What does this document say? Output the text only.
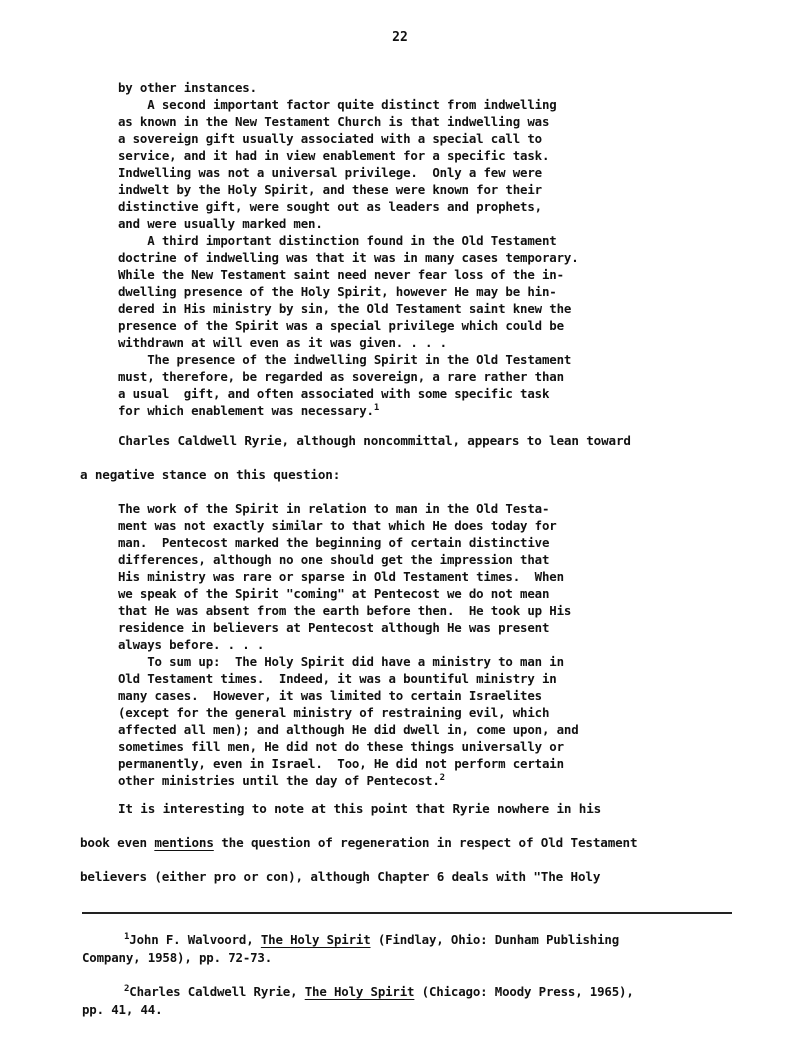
22
by other instances.
A second important factor quite distinct from indwelling
as known in the New Testament Church is that indwelling was
a sovereign gift usually associated with a special call to
service, and it had in view enablement for a specific task.
Indwelling was not a universal privilege.  Only a few were
indwelt by the Holy Spirit, and these were known for their
distinctive gift, were sought out as leaders and prophets,
and were usually marked men.
A third important distinction found in the Old Testament
doctrine of indwelling was that it was in many cases temporary.
While the New Testament saint need never fear loss of the in-
dwelling presence of the Holy Spirit, however He may be hin-
dered in His ministry by sin, the Old Testament saint knew the
presence of the Spirit was a special privilege which could be
withdrawn at will even as it was given. . . .
The presence of the indwelling Spirit in the Old Testament
must, therefore, be regarded as sovereign, a rare rather than
a usual  gift, and often associated with some specific task
for which enablement was necessary.$^1$
Charles Caldwell Ryrie, although noncommittal, appears to lean toward
a negative stance on this question:
The work of the Spirit in relation to man in the Old Testa-
ment was not exactly similar to that which He does today for
man.  Pentecost marked the beginning of certain distinctive
differences, although no one should get the impression that
His ministry was rare or sparse in Old Testament times.  When
we speak of the Spirit "coming" at Pentecost we do not mean
that He was absent from the earth before then.  He took up His
residence in believers at Pentecost although He was present
always before. . . .
To sum up:  The Holy Spirit did have a ministry to man in
Old Testament times.  Indeed, it was a bountiful ministry in
many cases.  However, it was limited to certain Israelites
(except for the general ministry of restraining evil, which
affected all men); and although He did dwell in, come upon, and
sometimes fill men, He did not do these things universally or
permanently, even in Israel.  Too, He did not perform certain
other ministries until the day of Pentecost.$^2$
It is interesting to note at this point that Ryrie nowhere in his
book even mentions the question of regeneration in respect of Old Testament
believers (either pro or con), although Chapter 6 deals with "The Holy
$^1$John F. Walvoord, The Holy Spirit (Findlay, Ohio: Dunham Publishing
Company, 1958), pp. 72-73.
$^2$Charles Caldwell Ryrie, The Holy Spirit (Chicago: Moody Press, 1965),
pp. 41, 44.
